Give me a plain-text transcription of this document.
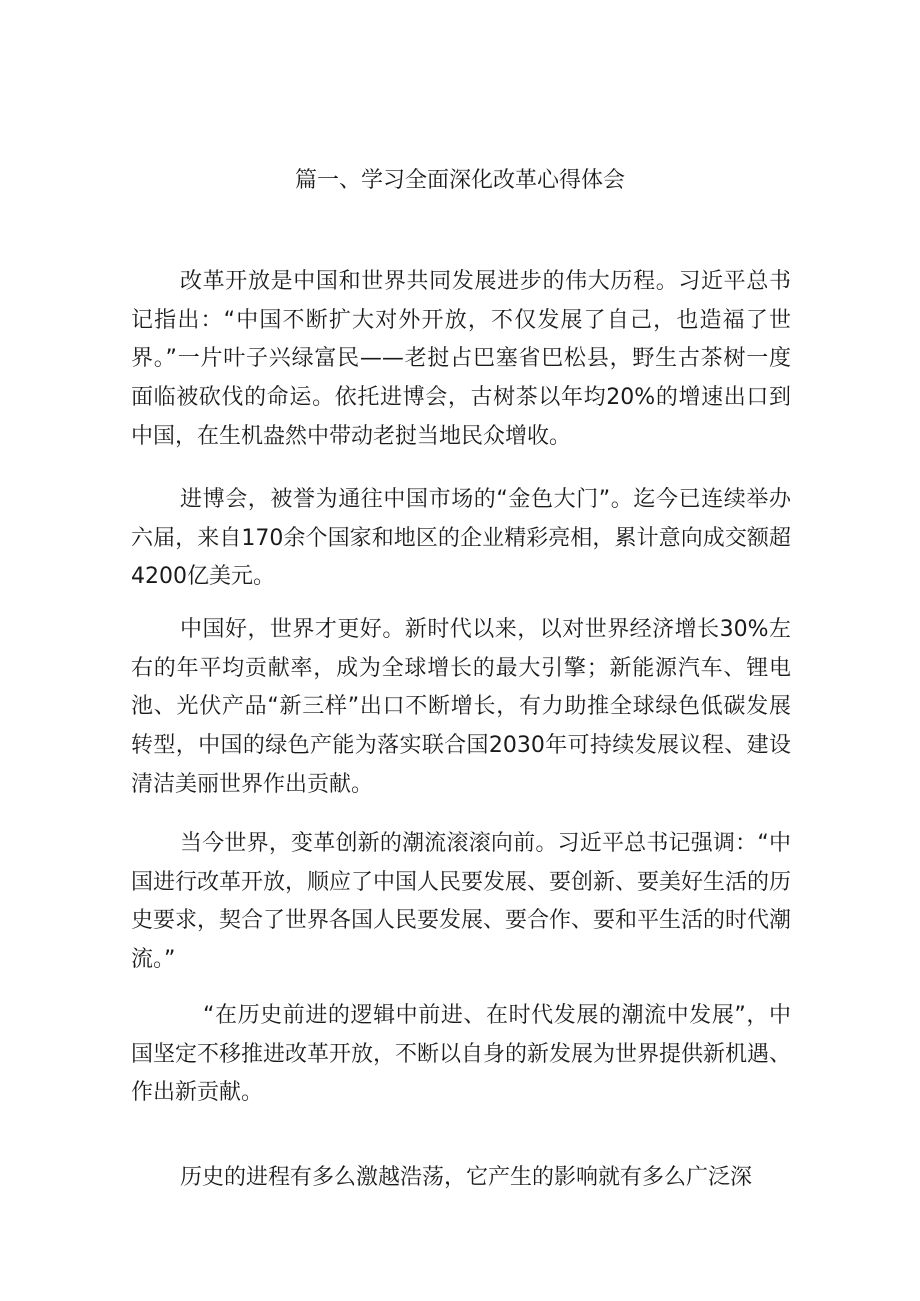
篇一、学习全面深化改革心得体会

改革开放是中国和世界共同发展进步的伟大历程。习近平总书记指出：“中国不断扩大对外开放，不仅发展了自己，也造福了世界。”一片叶子兴绿富民——老挝占巴塞省巴松县，野生古茶树一度面临被砍伐的命运。依托进博会，古树茶以年均20%的增速出口到中国，在生机盎然中带动老挝当地民众增收。

进博会，被誉为通往中国市场的“金色大门”。迄今已连续举办六届，来自170余个国家和地区的企业精彩亮相，累计意向成交额超4200亿美元。

中国好，世界才更好。新时代以来，以对世界经济增长30%左右的年平均贡献率，成为全球增长的最大引擎；新能源汽车、锂电池、光伏产品“新三样”出口不断增长，有力助推全球绿色低碳发展转型，中国的绿色产能为落实联合国2030年可持续发展议程、建设清洁美丽世界作出贡献。

当今世界，变革创新的潮流滚滚向前。习近平总书记强调：“中国进行改革开放，顺应了中国人民要发展、要创新、要美好生活的历史要求，契合了世界各国人民要发展、要合作、要和平生活的时代潮流。”

“在历史前进的逻辑中前进、在时代发展的潮流中发展”，中国坚定不移推进改革开放，不断以自身的新发展为世界提供新机遇、作出新贡献。

历史的进程有多么激越浩荡，它产生的影响就有多么广泛深
